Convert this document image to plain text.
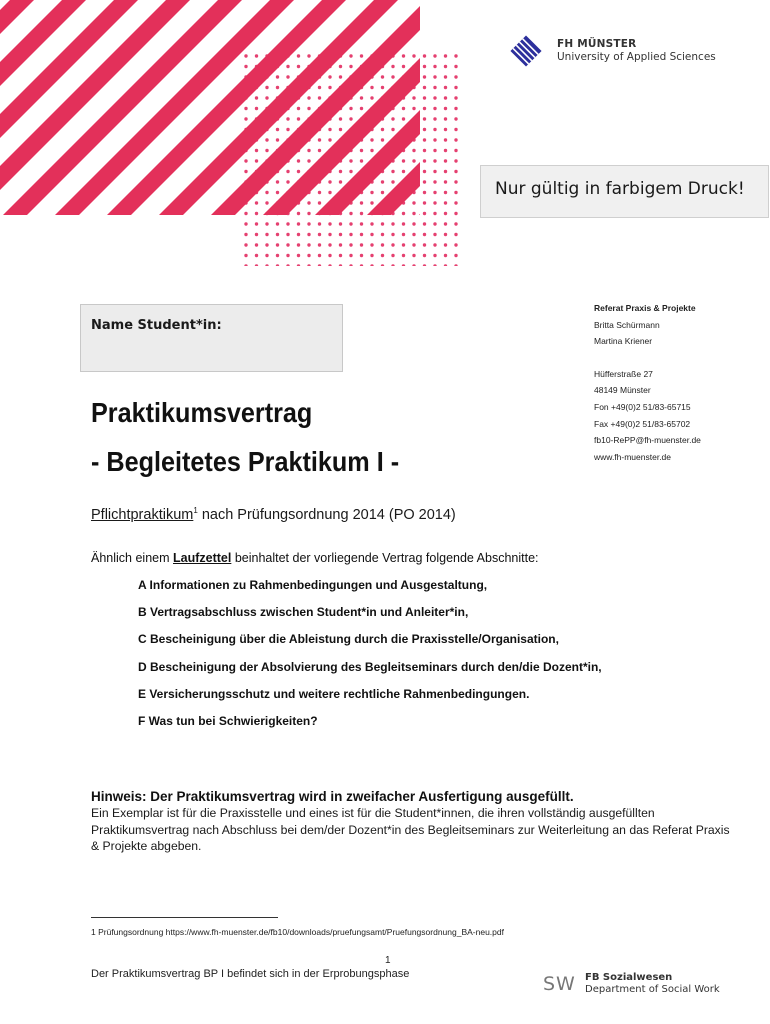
FH MÜNSTER
University of Applied Sciences
Nur gültig in farbigem Druck!
Name Student*in:
Referat Praxis & Projekte
Britta Schürmann
Martina Kriener
Hüfferstraße 27
48149 Münster
Fon +49(0)2 51/83-65715
Fax +49(0)2 51/83-65702
fb10-RePP@fh-muenster.de
www.fh-muenster.de
Praktikumsvertrag
- Begleitetes Praktikum I -
Pflichtpraktikum$^1$ nach Prüfungsordnung 2014 (PO 2014)
Ähnlich einem Laufzettel beinhaltet der vorliegende Vertrag folgende Abschnitte:
A Informationen zu Rahmenbedingungen und Ausgestaltung,
B Vertragsabschluss zwischen Student*in und Anleiter*in,
C Bescheinigung über die Ableistung durch die Praxisstelle/Organisation,
D Bescheinigung der Absolvierung des Begleitseminars durch den/die Dozent*in,
E Versicherungsschutz und weitere rechtliche Rahmenbedingungen.
F Was tun bei Schwierigkeiten?
Hinweis: Der Praktikumsvertrag wird in zweifacher Ausfertigung ausgefüllt.
Ein Exemplar ist für die Praxisstelle und eines ist für die Student*innen, die ihren vollständig ausgefüllten Praktikumsvertrag nach Abschluss bei dem/der Dozent*in des Begleitseminars zur Weiterleitung an das Referat Praxis & Projekte abgeben.
1 Prüfungsordnung https://www.fh-muenster.de/fb10/downloads/pruefungsamt/Pruefungsordnung_BA-neu.pdf
1
Der Praktikumsvertrag BP I befindet sich in der Erprobungsphase	SW FB Sozialwesen
Department of Social Work
